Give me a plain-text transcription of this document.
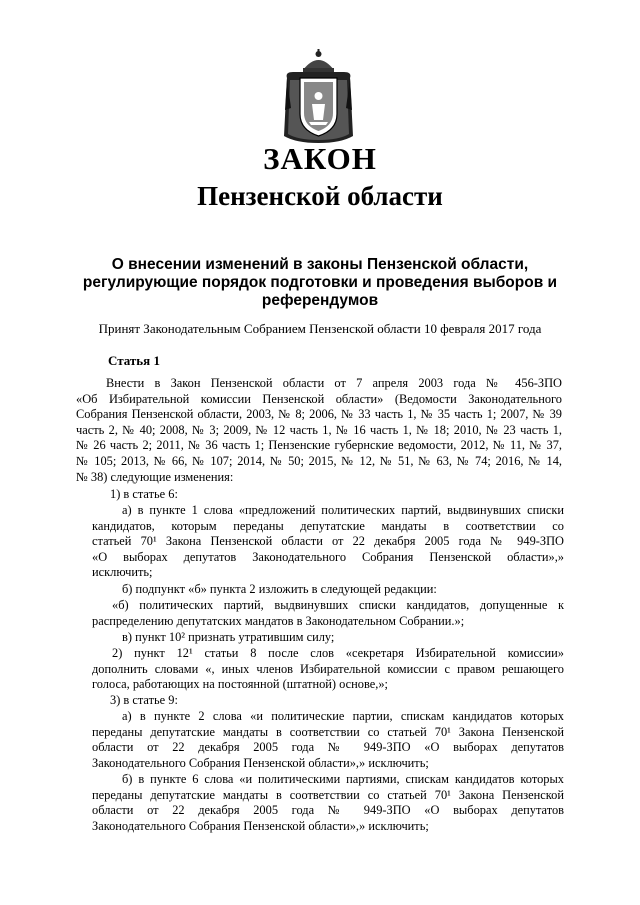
ЗАКОН
Пензенской области
О внесении изменений в законы Пензенской области,
регулирующие порядок подготовки и проведения выборов и
референдумов
Принят Законодательным Собранием Пензенской области 10 февраля 2017 года
Статья 1
Внести в Закон Пензенской области от 7 апреля 2003 года № 456-ЗПО
«Об Избирательной комиссии Пензенской области» (Ведомости Законодательного
Собрания Пензенской области, 2003, № 8; 2006, № 33 часть 1, № 35 часть 1; 2007, № 39
часть 2, № 40; 2008, № 3; 2009, № 12 часть 1, № 16 часть 1, № 18; 2010, № 23 часть 1,
№ 26 часть 2; 2011, № 36 часть 1; Пензенские губернские ведомости, 2012, № 11, № 37,
№ 105; 2013, № 66, № 107; 2014, № 50; 2015, № 12, № 51, № 63, № 74; 2016, № 14,
№ 38) следующие изменения:
1) в статье 6:
а) в пункте 1 слова «предложений политических партий, выдвинувших списки
кандидатов, которым переданы депутатские мандаты в соответствии со
статьей 70¹ Закона Пензенской области от 22 декабря 2005 года № 949-ЗПО
«О выборах депутатов Законодательного Собрания Пензенской области»,»
исключить;
б) подпункт «б» пункта 2 изложить в следующей редакции:
«б) политических партий, выдвинувших списки кандидатов, допущенные к
распределению депутатских мандатов в Законодательном Собрании.»;
в) пункт 10² признать утратившим силу;
2) пункт 12¹ статьи 8 после слов «секретаря Избирательной комиссии»
дополнить словами «, иных членов Избирательной комиссии с правом решающего
голоса, работающих на постоянной (штатной) основе,»;
3) в статье 9:
а) в пункте 2 слова «и политические партии, спискам кандидатов которых
переданы депутатские мандаты в соответствии со статьей 70¹ Закона Пензенской
области от 22 декабря 2005 года № 949-ЗПО «О выборах депутатов
Законодательного Собрания Пензенской области»,» исключить;
б) в пункте 6 слова «и политическими партиями, спискам кандидатов которых
переданы депутатские мандаты в соответствии со статьей 70¹ Закона Пензенской
области от 22 декабря 2005 года № 949-ЗПО «О выборах депутатов
Законодательного Собрания Пензенской области»,» исключить;
